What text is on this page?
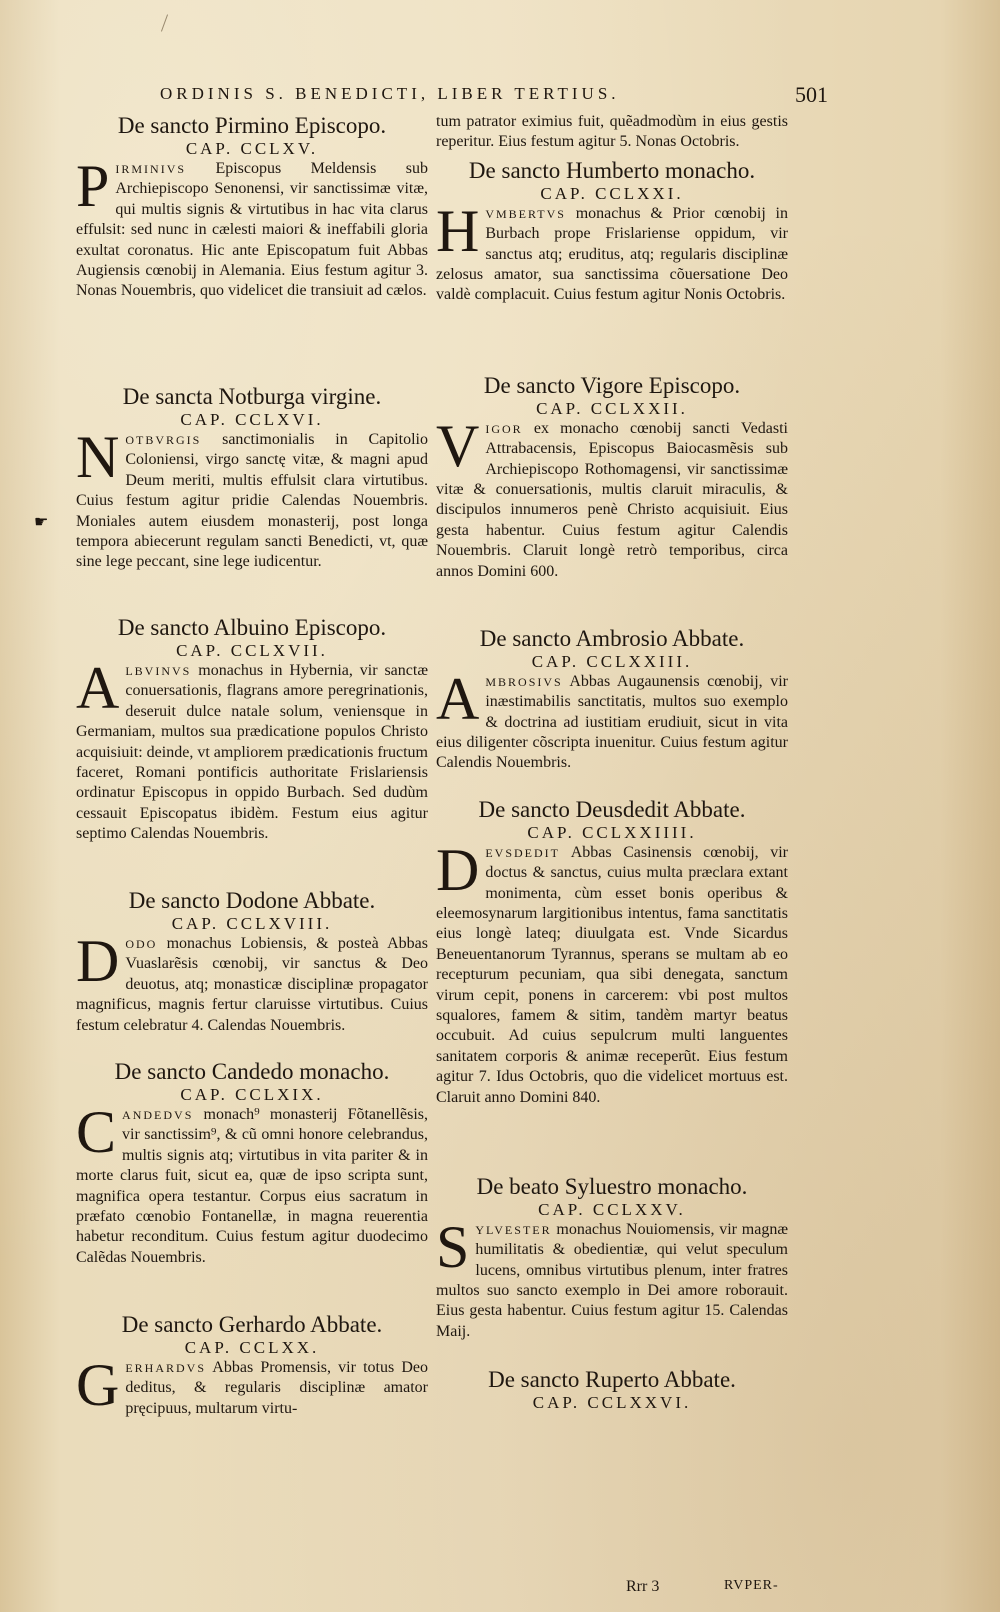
ORDINIS S. BENEDICTI, LIBER TERTIUS.	501
☛

De sancto Pirmino Episcopo.

CAP. CCLXV.

PIRMINIVS Episcopus Meldensis sub Archiepiscopo Senonensi, vir sanctissimæ vitæ, qui multis signis & virtutibus in hac vita clarus effulsit: sed nunc in cælesti maiori & ineffabili gloria exultat coronatus. Hic ante Episcopatum fuit Abbas Augiensis cœnobij in Alemania. Eius festum agitur 3. Nonas Nouembris, quo videlicet die transiuit ad cælos.

De sancta Notburga virgine.

CAP. CCLXVI.

NOTBVRGIS sanctimonialis in Capitolio Coloniensi, virgo sanctę vitæ, & magni apud Deum meriti, multis effulsit clara virtutibus. Cuius festum agitur pridie Calendas Nouembris. Moniales autem eiusdem monasterij, post longa tempora abiecerunt regulam sancti Benedicti, vt, quæ sine lege peccant, sine lege iudicentur.

De sancto Albuino Episcopo.

CAP. CCLXVII.

ALBVINVS monachus in Hybernia, vir sanctæ conuersationis, flagrans amore peregrinationis, deseruit dulce natale solum, veniensque in Germaniam, multos sua prædicatione populos Christo acquisiuit: deinde, vt ampliorem prædicationis fructum faceret, Romani pontificis authoritate Frislariensis ordinatur Episcopus in oppido Burbach. Sed dudùm cessauit Episcopatus ibidèm. Festum eius agitur septimo Calendas Nouembris.

De sancto Dodone Abbate.

CAP. CCLXVIII.

DODO monachus Lobiensis, & posteà Abbas Vuaslarẽsis cœnobij, vir sanctus & Deo deuotus, atq; monasticæ disciplinæ propagator magnificus, magnis fertur claruisse virtutibus. Cuius festum celebratur 4. Calendas Nouembris.

De sancto Candedo monacho.

CAP. CCLXIX.

CANDEDVS monach⁹ monasterij Fõtanellẽsis, vir sanctissim⁹, & cũ omni honore celebrandus, multis signis atq; virtutibus in vita pariter & in morte clarus fuit, sicut ea, quæ de ipso scripta sunt, magnifica opera testantur. Corpus eius sacratum in præfato cœnobio Fontanellæ, in magna reuerentia habetur reconditum. Cuius festum agitur duodecimo Calẽdas Nouembris.

De sancto Gerhardo Abbate.

CAP. CCLXX.

GERHARDVS Abbas Promensis, vir totus Deo deditus, & regularis disciplinæ amator pręcipuus, multarum virtu-

tum patrator eximius fuit, quẽadmodùm in eius gestis reperitur. Eius festum agitur 5. Nonas Octobris.

De sancto Humberto monacho.

CAP. CCLXXI.

HVMBERTVS monachus & Prior cœnobij in Burbach prope Frislariense oppidum, vir sanctus atq; eruditus, atq; regularis disciplinæ zelosus amator, sua sanctissima cõuersatione Deo valdè complacuit. Cuius festum agitur Nonis Octobris.

De sancto Vigore Episcopo.

CAP. CCLXXII.

VIGOR ex monacho cœnobij sancti Vedasti Attrabacensis, Episcopus Baiocasmẽsis sub Archiepiscopo Rothomagensi, vir sanctissimæ vitæ & conuersationis, multis claruit miraculis, & discipulos innumeros penè Christo acquisiuit. Eius gesta habentur. Cuius festum agitur Calendis Nouembris. Claruit longè retrò temporibus, circa annos Domini 600.

De sancto Ambrosio Abbate.

CAP. CCLXXIII.

AMBROSIVS Abbas Augaunensis cœnobij, vir inæstimabilis sanctitatis, multos suo exemplo & doctrina ad iustitiam erudiuit, sicut in vita eius diligenter cõscripta inuenitur. Cuius festum agitur Calendis Nouembris.

De sancto Deusdedit Abbate.

CAP. CCLXXIIII.

DEVSDEDIT Abbas Casinensis cœnobij, vir doctus & sanctus, cuius multa præclara extant monimenta, cùm esset bonis operibus & eleemosynarum largitionibus intentus, fama sanctitatis eius longè lateq; diuulgata est. Vnde Sicardus Beneuentanorum Tyrannus, sperans se multam ab eo recepturum pecuniam, qua sibi denegata, sanctum virum cepit, ponens in carcerem: vbi post multos squalores, famem & sitim, tandèm martyr beatus occubuit. Ad cuius sepulcrum multi languentes sanitatem corporis & animæ receperũt. Eius festum agitur 7. Idus Octobris, quo die videlicet mortuus est. Claruit anno Domini 840.

De beato Syluestro monacho.

CAP. CCLXXV.

SYLVESTER monachus Nouiomensis, vir magnæ humilitatis & obedientiæ, qui velut speculum lucens, omnibus virtutibus plenum, inter fratres multos suo sancto exemplo in Dei amore roborauit. Eius gesta habentur. Cuius festum agitur 15. Calendas Maij.

De sancto Ruperto Abbate.

CAP. CCLXXVI.

Rrr 3	RVPER-
